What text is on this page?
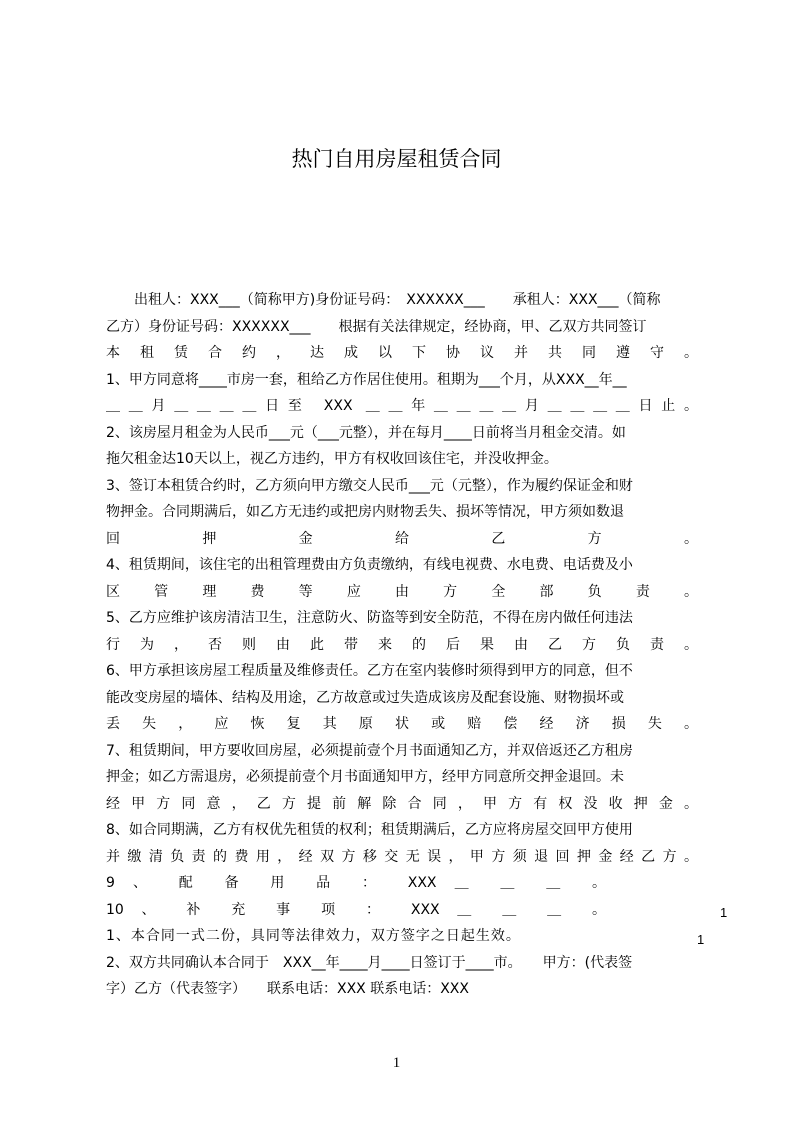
热门自用房屋租赁合同
　　出租人：XXX___（简称甲方)身份证号码：　XXXXXX___　　承租人：XXX___（简称
乙方）身份证号码：XXXXXX___　　根据有关法律规定，经协商，甲、乙双方共同签订
本 租 赁 合 约 ， 达 成 以 下 协 议 并 共 同 遵 守 。
1、甲方同意将____市房一套，租给乙方作居住使用。租期为___个月，从XXX__年__
＿＿月＿＿＿＿日至 XXX ＿＿年＿＿＿＿月＿＿＿＿日止。
2、该房屋月租金为人民币___元（___元整），并在每月____日前将当月租金交清。如
拖欠租金达10天以上，视乙方违约，甲方有权收回该住宅，并没收押金。
3、签订本租赁合约时，乙方须向甲方缴交人民币___元（元整），作为履约保证金和财
物押金。合同期满后，如乙方无违约或把房内财物丢失、损坏等情况，甲方须如数退
回 押 金 给 乙 方 。
4、租赁期间，该住宅的出租管理费由方负责缴纳，有线电视费、水电费、电话费及小
区 管 理 费 等 应 由 方 全 部 负 责 。
5、乙方应维护该房清洁卫生，注意防火、防盗等到安全防范，不得在房内做任何违法
行 为 ， 否 则 由 此 带 来 的 后 果 由 乙 方 负 责 。
6、甲方承担该房屋工程质量及维修责任。乙方在室内装修时须得到甲方的同意，但不
能改变房屋的墙体、结构及用途，乙方故意或过失造成该房及配套设施、财物损坏或
丢 失 ， 应 恢 复 其 原 状 或 赔 偿 经 济 损 失 。
7、租赁期间，甲方要收回房屋，必须提前壹个月书面通知乙方，并双倍返还乙方租房
押金；如乙方需退房，必须提前壹个月书面通知甲方，经甲方同意所交押金退回。未
经 甲 方 同 意 ， 乙 方 提 前 解 除 合 同 ， 甲 方 有 权 没 收 押 金 。
8、如合同期满，乙方有权优先租赁的权利；租赁期满后，乙方应将房屋交回甲方使用
并 缴 清 负 责 的 费 用 ， 经 双 方 移 交 无 误 ， 甲 方 须 退 回 押 金 经 乙 方 。
9 、 配 备 用 品 ： XXX ＿ ＿ ＿ 。
10 、 补 充 事 项 ： XXX ＿ ＿ ＿ 。
1、本合同一式二份，具同等法律效力，双方签字之日起生效。
2、双方共同确认本合同于　XXX__年____月____日签订于____市。　　甲方：(代表签
字）乙方（代表签字）　　联系电话：XXX 联系电话：XXX
1
1
1
